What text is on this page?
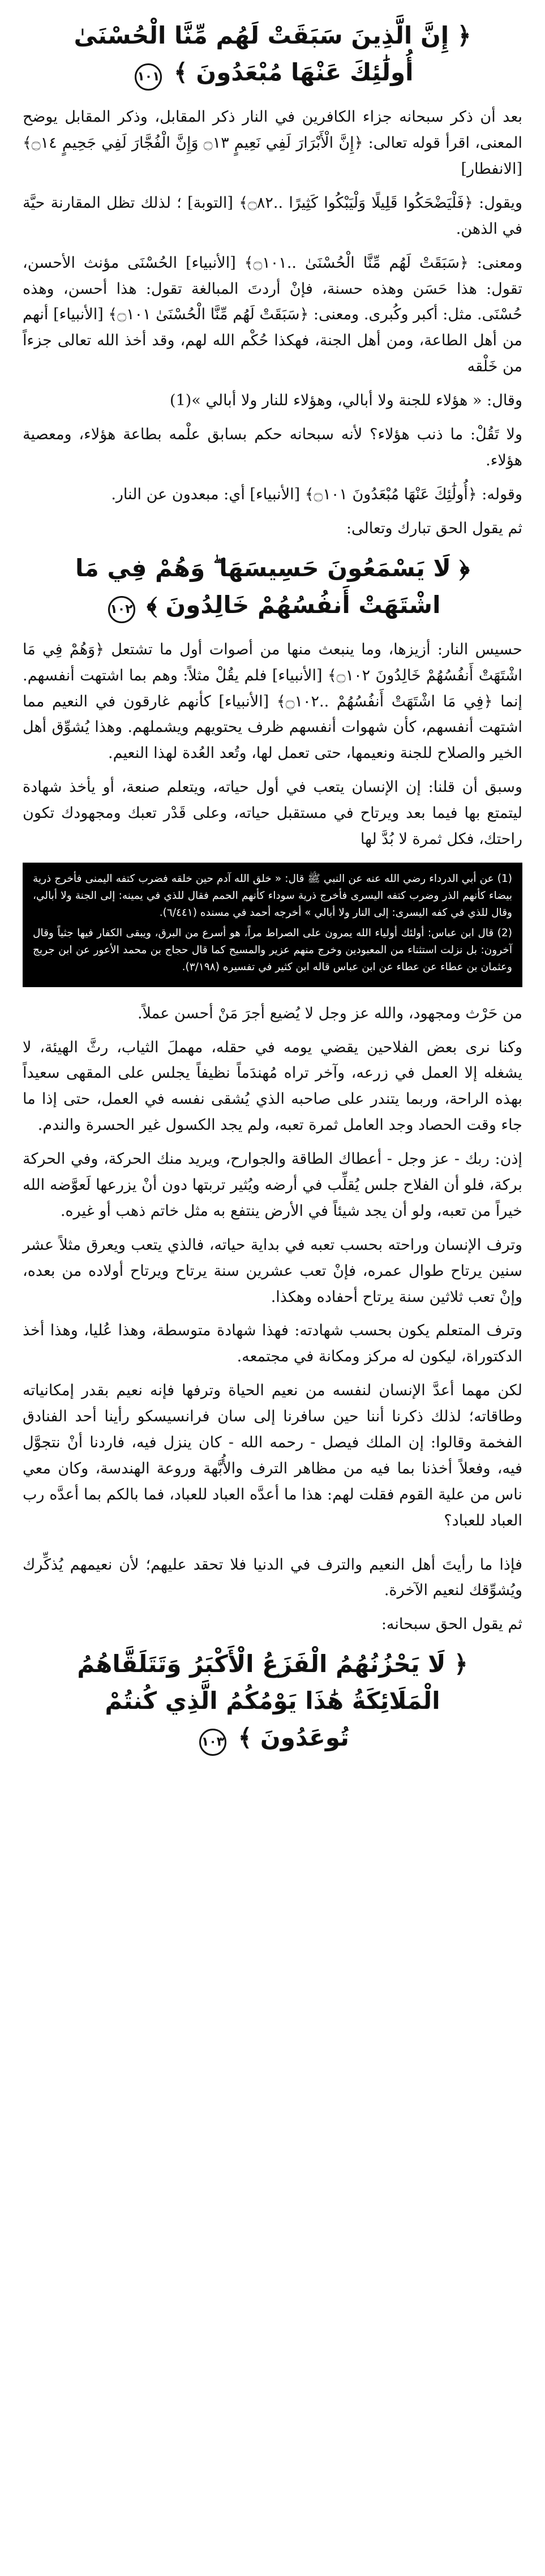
﴿ إِنَّ الَّذِينَ سَبَقَتْ لَهُم مِّنَّا الْحُسْنَىٰ أُولَٰئِكَ عَنْهَا مُبْعَدُونَ ﴾ ١٠١

بعد أن ذكر سبحانه جزاء الكافرين في النار ذكر المقابل، وذكر المقابل يوضح المعنى، اقرأ قوله تعالى: ﴿إِنَّ الْأَبْرَارَ لَفِي نَعِيمٍ ۝١٣ وَإِنَّ الْفُجَّارَ لَفِي جَحِيمٍ ۝١٤﴾ [الانفطار]

ويقول: ﴿فَلْيَضْحَكُوا قَلِيلًا وَلْيَبْكُوا كَثِيرًا ..۝٨٢﴾ [التوبة] ؛ لذلك تظل المقارنة حيَّة في الذهن.

ومعنى: ﴿سَبَقَتْ لَهُم مِّنَّا الْحُسْنَىٰ ..۝١٠١﴾ [الأنبياء] الحُسْنَى مؤنث الأحسن، تقول: هذا حَسَن وهذه حسنة، فإنْ أردتَ المبالغة تقول: هذا أحسن، وهذه حُسْنَى. مثل: أكبر وكُبرى. ومعنى: ﴿سَبَقَتْ لَهُم مِّنَّا الْحُسْنَىٰ ۝١٠١﴾ [الأنبياء] أنهم من أهل الطاعة، ومن أهل الجنة، فهكذا حُكْم الله لهم، وقد أخذ الله تعالى جزءاً من خَلْقه

وقال: « هؤلاء للجنة ولا أبالي، وهؤلاء للنار ولا أبالي »(1)

ولا تَقُلْ: ما ذنب هؤلاء؟ لأنه سبحانه حكم بسابق علْمه بطاعة هؤلاء، ومعصية هؤلاء.

وقوله: ﴿أُولَٰئِكَ عَنْهَا مُبْعَدُونَ ۝١٠١﴾ [الأنبياء] أي: مبعدون عن النار.

ثم يقول الحق تبارك وتعالى:

﴿ لَا يَسْمَعُونَ حَسِيسَهَا ۖ وَهُمْ فِي مَا اشْتَهَتْ أَنفُسُهُمْ خَالِدُونَ ﴾ ١٠٢

حسيس النار: أزيزها، وما ينبعث منها من أصوات أول ما تشتعل ﴿وَهُمْ فِي مَا اشْتَهَتْ أَنفُسُهُمْ خَالِدُونَ ۝١٠٢﴾ [الأنبياء] فلم يقُلْ مثلاً: وهم بما اشتهت أنفسهم. إنما ﴿فِي مَا اشْتَهَتْ أَنفُسُهُمْ ..۝١٠٢﴾ [الأنبياء] كأنهم غارقون في النعيم مما اشتهت أنفسهم، كأن شهوات أنفسهم ظرف يحتويهم ويشملهم. وهذا يُشوِّق أهل الخير والصلاح للجنة ونعيمها، حتى تعمل لها، وتُعد العُدة لهذا النعيم.

وسبق أن قلنا: إن الإنسان يتعب في أول حياته، ويتعلم صنعة، أو يأخذ شهادة ليتمتع بها فيما بعد ويرتاح في مستقبل حياته، وعلى قَدْر تعبك ومجهودك تكون راحتك، فكل ثمرة لا بُدَّ لها

(1) عن أبي الدرداء رضي الله عنه عن النبي ﷺ قال: « خلق الله آدم حين خلقه فضرب كتفه اليمنى فأخرج ذرية بيضاء كأنهم الذر وضرب كتفه اليسرى فأخرج ذرية سوداء كأنهم الحمم فقال للذي في يمينه: إلى الجنة ولا أبالي، وقال للذي في كفه اليسرى: إلى النار ولا أبالي » أخرجه أحمد في مسنده (٦/٤٤١).

(2) قال ابن عباس: أولئك أولياء الله يمرون على الصراط مراً، هو أسرع من البرق، ويبقى الكفار فيها جثياً وقال آخرون: بل نزلت استثناء من المعبودين وخرج منهم عزير والمسيح كما قال حجاج بن محمد الأعور عن ابن جريج وعثمان بن عطاء عن عطاء عن ابن عباس قاله ابن كثير في تفسيره (٣/١٩٨).

من حَرْث ومجهود، والله عز وجل لا يُضيع أجرَ مَنْ أحسن عملاً.

وكنا نرى بعض الفلاحين يقضي يومه في حقله، مهملَ الثياب، رثَّ الهيئة، لا يشغله إلا العمل في زرعه، وآخر تراه مُهندَماً نظيفاً يجلس على المقهى سعيداً بهذه الراحة، وربما يتندر على صاحبه الذي يُشقى نفسه في العمل، حتى إذا ما جاء وقت الحصاد وجد العامل ثمرة تعبه، ولم يجد الكسول غير الحسرة والندم.

إذن: ربك - عز وجل - أعطاك الطاقة والجوارح، ويريد منك الحركة، وفي الحركة بركة، فلو أن الفلاح جلس يُقلِّب في أرضه ويُثير تربتها دون أنْ يزرعها لَعوَّضه الله خيراً من تعبه، ولو أن يجد شيئاً في الأرض ينتفع به مثل خاتم ذهب أو غيره.

وترف الإنسان وراحته بحسب تعبه في بداية حياته، فالذي يتعب ويعرق مثلاً عشر سنين يرتاح طوال عمره، فإنْ تعب عشرين سنة يرتاح ويرتاح أولاده من بعده، وإنْ تعب ثلاثين سنة يرتاح أحفاده وهكذا.

وترف المتعلم يكون بحسب شهادته: فهذا شهادة متوسطة، وهذا عُليا، وهذا أخذ الدكتوراة، ليكون له مركز ومكانة في مجتمعه.

لكن مهما أعدَّ الإنسان لنفسه من نعيم الحياة وترفها فإنه نعيم بقدر إمكانياته وطاقاته؛ لذلك ذكرنا أننا حين سافرنا إلى سان فرانسيسكو رأينا أحد الفنادق الفخمة وقالوا: إن الملك فيصل - رحمه الله - كان ينزل فيه، فاردنا أنْ نتجوَّل فيه، وفعلاً أخذنا بما فيه من مظاهر الترف والأُبَّهة وروعة الهندسة، وكان معي ناس من علية القوم فقلت لهم: هذا ما أعدَّه العباد للعباد، فما بالكم بما أعدَّه رب العباد للعباد؟

فإذا ما رأيتَ أهل النعيم والترف في الدنيا فلا تحقد عليهم؛ لأن نعيمهم يُذكِّرك ويُشوِّقك لنعيم الآخرة.

ثم يقول الحق سبحانه:

﴿ لَا يَحْزُنُهُمُ الْفَزَعُ الْأَكْبَرُ وَتَتَلَقَّاهُمُ الْمَلَائِكَةُ هَٰذَا يَوْمُكُمُ الَّذِي كُنتُمْ تُوعَدُونَ ﴾ ١٠٣
